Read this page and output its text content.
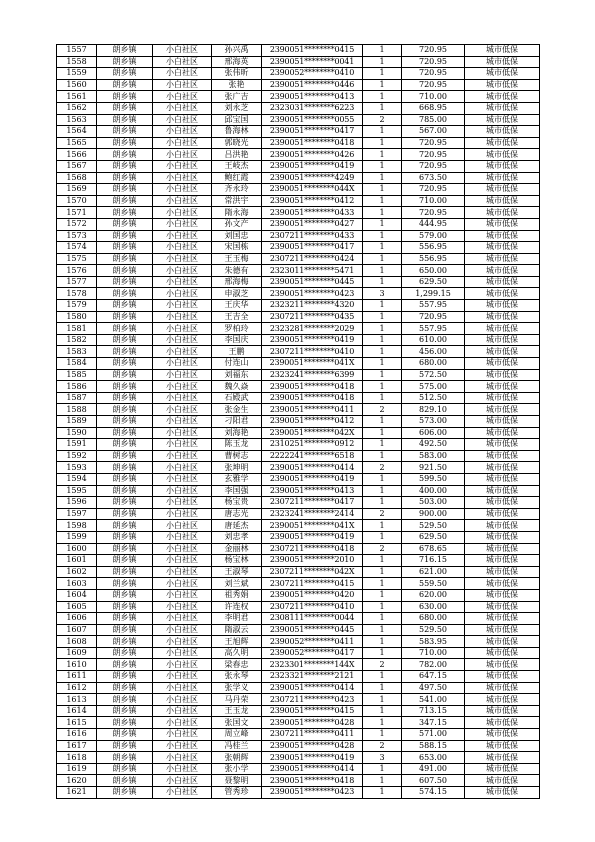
1557	朗乡镇	小白社区	孙兴禹	2390051********0415	1	720.95	城市低保
1558	朗乡镇	小白社区	邢海英	2390051********0041	1	720.95	城市低保
1559	朗乡镇	小白社区	张伟昕	2390052********0410	1	720.95	城市低保
1560	朗乡镇	小白社区	张艳	2390051********0446	1	720.95	城市低保
1561	朗乡镇	小白社区	张广吉	2390051********0413	1	710.00	城市低保
1562	朗乡镇	小白社区	刘永芝	2323031********6223	1	668.95	城市低保
1563	朗乡镇	小白社区	邱宝国	2390051********0055	2	785.00	城市低保
1564	朗乡镇	小白社区	鲁海林	2390051********0417	1	567.00	城市低保
1565	朗乡镇	小白社区	郭晓光	2390051********0418	1	720.95	城市低保
1566	朗乡镇	小白社区	吕洪艳	2390051********0426	1	720.95	城市低保
1567	朗乡镇	小白社区	王岐杰	2390051********0419	1	720.95	城市低保
1568	朗乡镇	小白社区	鲍红霞	2390051********4249	1	673.50	城市低保
1569	朗乡镇	小白社区	齐永玲	2390051********044X	1	720.95	城市低保
1570	朗乡镇	小白社区	常洪宇	2390051********0412	1	710.00	城市低保
1571	朗乡镇	小白社区	隋永海	2390051********0433	1	720.95	城市低保
1572	朗乡镇	小白社区	孙文产	2390051********0427	1	444.95	城市低保
1573	朗乡镇	小白社区	刘国忠	2307211********0433	1	579.00	城市低保
1574	朗乡镇	小白社区	宋国栋	2390051********0417	1	556.95	城市低保
1575	朗乡镇	小白社区	王玉梅	2307211********0424	1	556.95	城市低保
1576	朗乡镇	小白社区	朱德有	2323011********5471	1	650.00	城市低保
1577	朗乡镇	小白社区	邢海梅	2390051********0445	1	629.50	城市低保
1578	朗乡镇	小白社区	申淑芝	2390051********0423	3	1,299.15	城市低保
1579	朗乡镇	小白社区	王庆华	2323211********4320	1	557.95	城市低保
1580	朗乡镇	小白社区	王吉全	2307211********0435	1	720.95	城市低保
1581	朗乡镇	小白社区	罗柏玲	2323281********2029	1	557.95	城市低保
1582	朗乡镇	小白社区	李国庆	2390051********0419	1	610.00	城市低保
1583	朗乡镇	小白社区	王鹏	2307211********0410	1	456.00	城市低保
1584	朗乡镇	小白社区	付连山	2390051********041X	1	680.00	城市低保
1585	朗乡镇	小白社区	刘福东	2323241********6399	1	572.50	城市低保
1586	朗乡镇	小白社区	魏久焱	2390051********0418	1	575.00	城市低保
1587	朗乡镇	小白社区	石殿武	2390051********0418	1	512.50	城市低保
1588	朗乡镇	小白社区	张金生	2390051********0411	2	829.10	城市低保
1589	朗乡镇	小白社区	刁阳君	2390051********0412	1	573.00	城市低保
1590	朗乡镇	小白社区	刘海艳	2390051********042X	1	606.00	城市低保
1591	朗乡镇	小白社区	陈玉龙	2310251********0912	1	492.50	城市低保
1592	朗乡镇	小白社区	曹树志	2222241********6518	1	583.00	城市低保
1593	朗乡镇	小白社区	张坤明	2390051********0414	2	921.50	城市低保
1594	朗乡镇	小白社区	玄雅学	2390051********0419	1	599.50	城市低保
1595	朗乡镇	小白社区	李国强	2390051********0413	1	400.00	城市低保
1596	朗乡镇	小白社区	杨宝贵	2307211********0417	1	503.00	城市低保
1597	朗乡镇	小白社区	唐志光	2323241********2414	2	900.00	城市低保
1598	朗乡镇	小白社区	唐延杰	2390051********041X	1	529.50	城市低保
1599	朗乡镇	小白社区	刘忠孝	2390051********0419	1	629.50	城市低保
1600	朗乡镇	小白社区	金丽林	2307211********0418	2	678.65	城市低保
1601	朗乡镇	小白社区	杨宝林	2390051********2010	1	716.15	城市低保
1602	朗乡镇	小白社区	王淑琴	2307211********042X	1	621.00	城市低保
1603	朗乡镇	小白社区	刘兰斌	2307211********0415	1	559.50	城市低保
1604	朗乡镇	小白社区	祖秀娟	2390051********0420	1	620.00	城市低保
1605	朗乡镇	小白社区	许连权	2307211********0410	1	630.00	城市低保
1606	朗乡镇	小白社区	李明君	2308111********0044	1	680.00	城市低保
1607	朗乡镇	小白社区	隋淑云	2390051********0445	1	529.50	城市低保
1608	朗乡镇	小白社区	王旭辉	2390052********0411	1	583.95	城市低保
1609	朗乡镇	小白社区	高久明	2390052********0417	1	710.00	城市低保
1610	朗乡镇	小白社区	梁春忠	2323301********144X	2	782.00	城市低保
1611	朗乡镇	小白社区	张永琴	2323321********2121	1	647.15	城市低保
1612	朗乡镇	小白社区	张学义	2390051********0414	1	497.50	城市低保
1613	朗乡镇	小白社区	马丹荣	2307211********0423	1	541.00	城市低保
1614	朗乡镇	小白社区	王玉龙	2390051********0415	1	713.15	城市低保
1615	朗乡镇	小白社区	张国文	2390051********0428	1	347.15	城市低保
1616	朗乡镇	小白社区	周立峰	2307211********0411	1	571.00	城市低保
1617	朗乡镇	小白社区	冯桂兰	2390051********0428	2	588.15	城市低保
1618	朗乡镇	小白社区	张朝辉	2390051********0419	3	653.00	城市低保
1619	朗乡镇	小白社区	张小学	2390051********0414	1	491.00	城市低保
1620	朗乡镇	小白社区	聂黎明	2390051********0418	1	607.50	城市低保
1621	朗乡镇	小白社区	管秀珍	2390051********0423	1	574.15	城市低保
